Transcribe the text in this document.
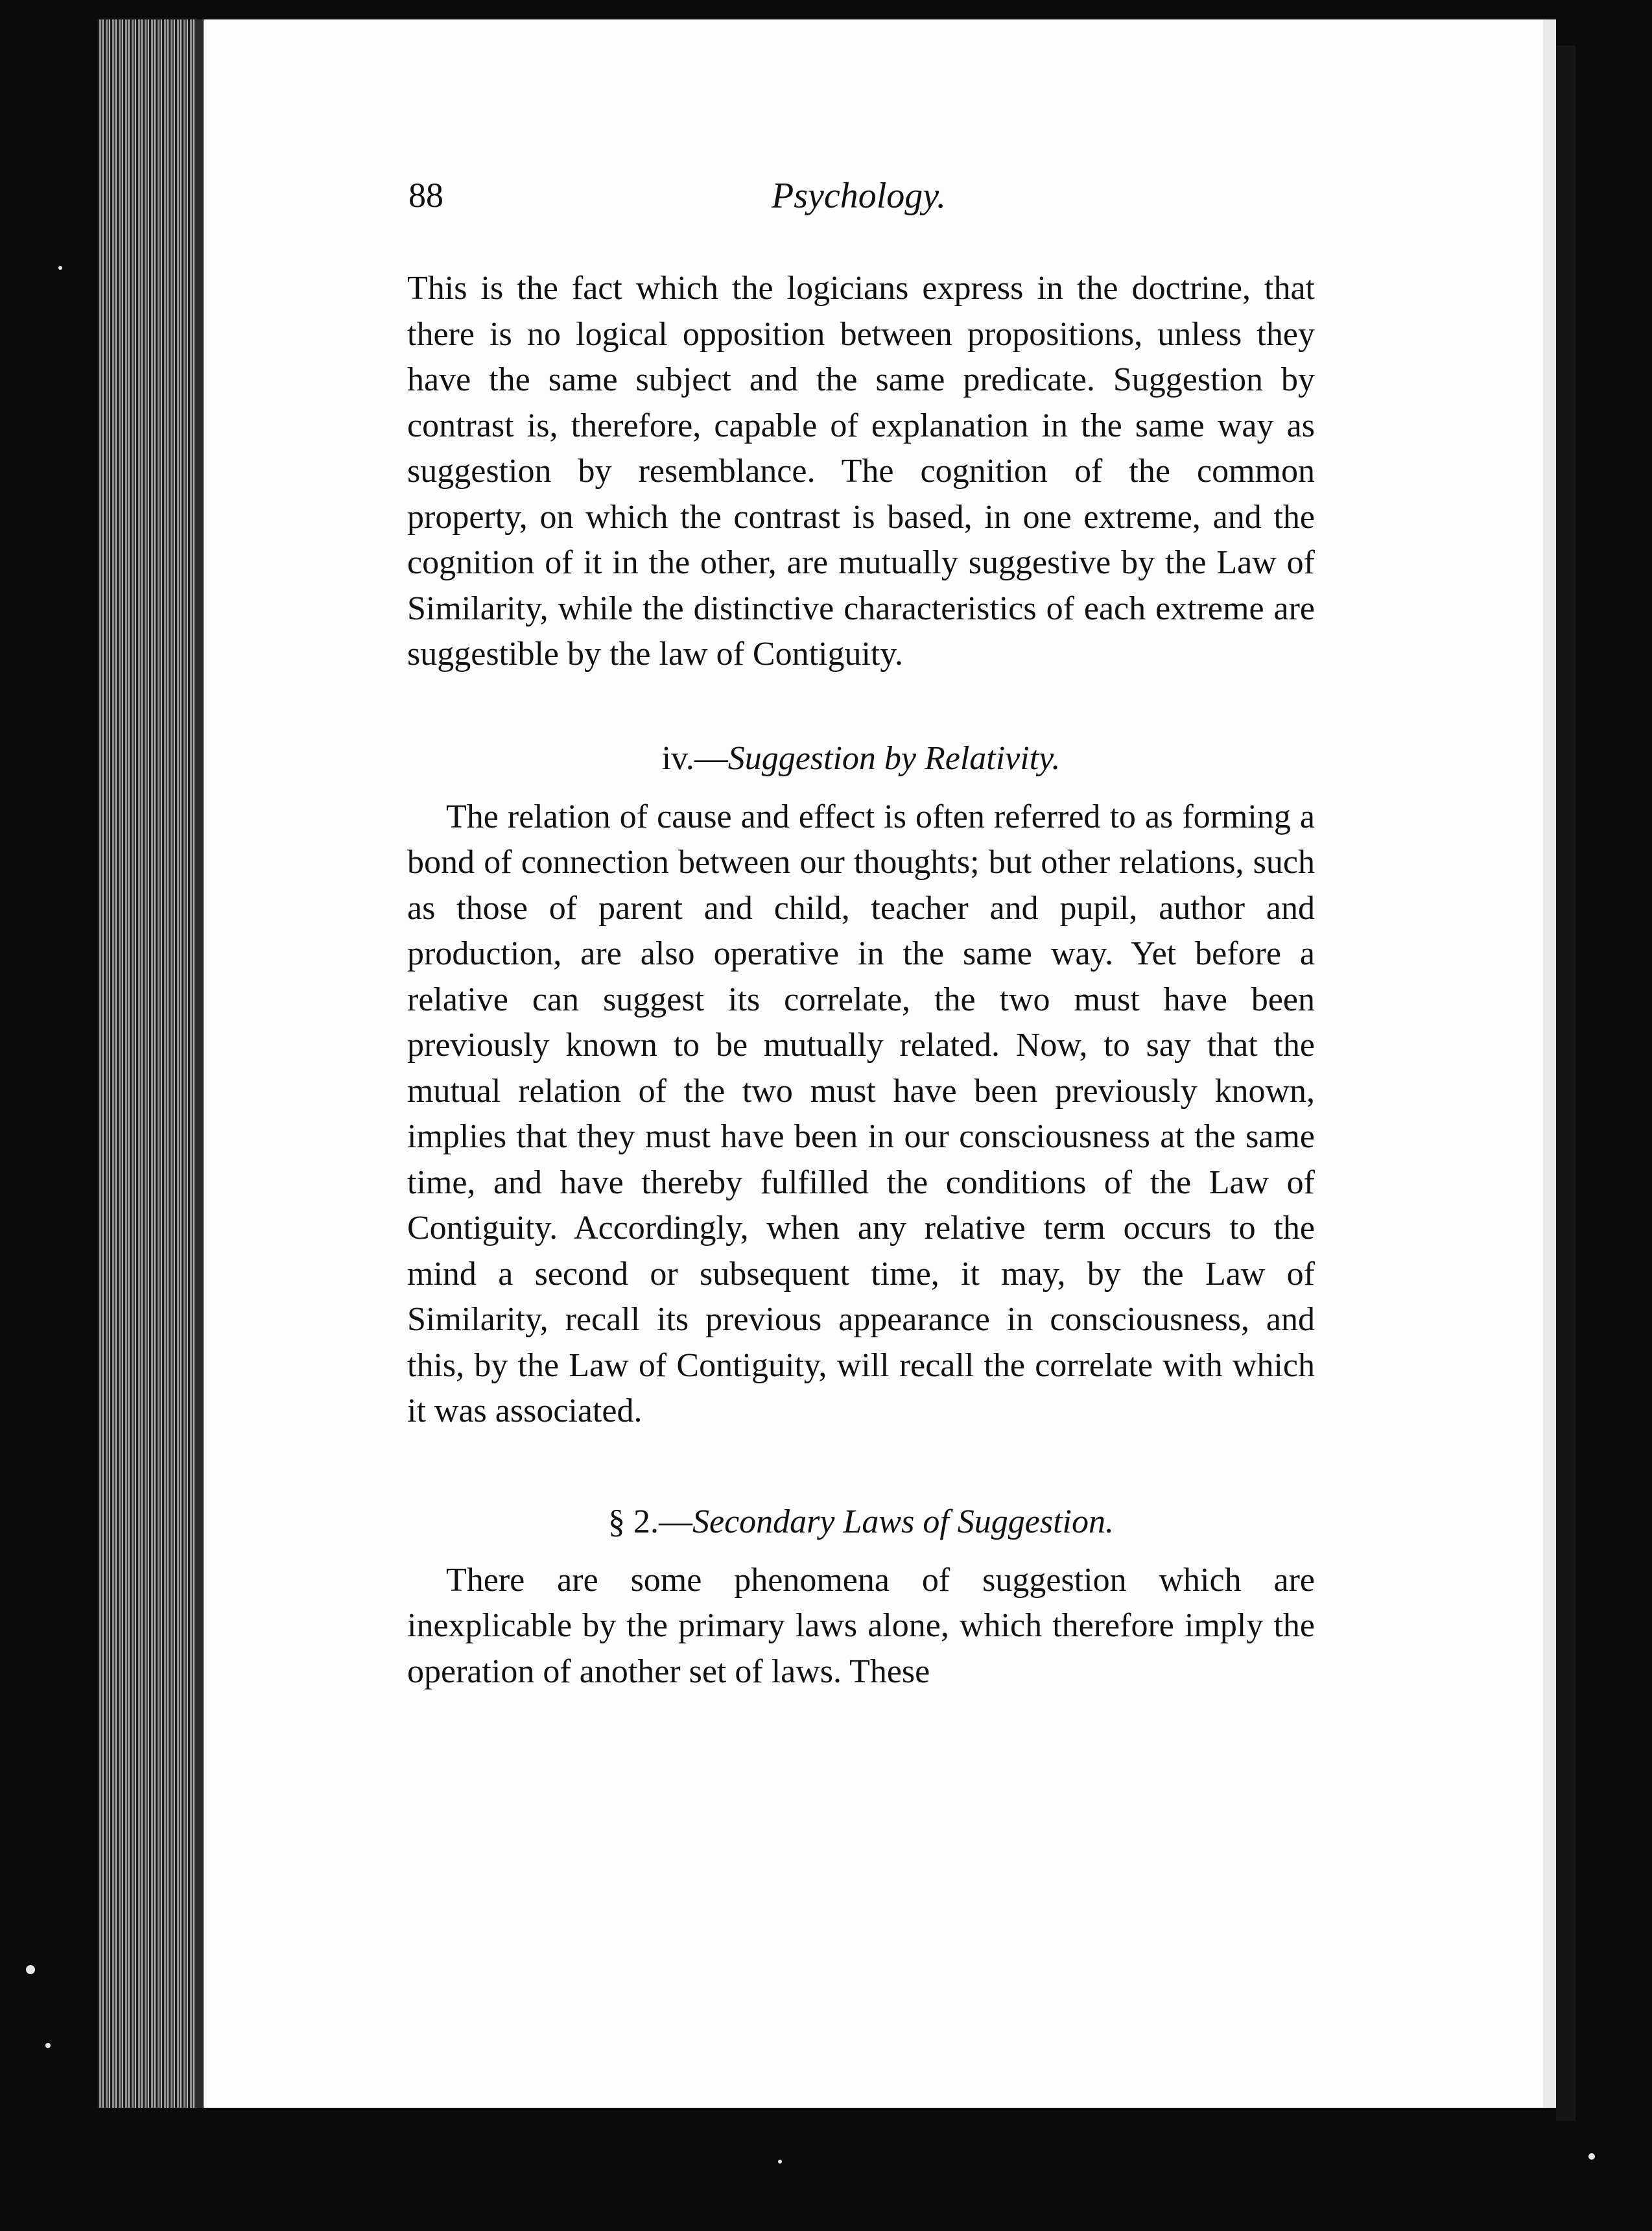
88	Psychology.

This is the fact which the logicians express in the doctrine, that there is no logical opposition between propositions, unless they have the same subject and the same predicate. Suggestion by contrast is, therefore, capable of explanation in the same way as suggestion by resemblance. The cognition of the common property, on which the contrast is based, in one extreme, and the cognition of it in the other, are mutually suggestive by the Law of Similarity, while the distinctive characteristics of each extreme are suggestible by the law of Contiguity.

iv.—Suggestion by Relativity.

The relation of cause and effect is often referred to as forming a bond of connection between our thoughts; but other relations, such as those of parent and child, teacher and pupil, author and production, are also operative in the same way. Yet before a relative can suggest its correlate, the two must have been previously known to be mutually related. Now, to say that the mutual relation of the two must have been previously known, implies that they must have been in our consciousness at the same time, and have thereby fulfilled the conditions of the Law of Contiguity. Accordingly, when any relative term occurs to the mind a second or subsequent time, it may, by the Law of Similarity, recall its previous appearance in consciousness, and this, by the Law of Contiguity, will recall the correlate with which it was associated.

§ 2.—Secondary Laws of Suggestion.

There are some phenomena of suggestion which are inexplicable by the primary laws alone, which therefore imply the operation of another set of laws. These
